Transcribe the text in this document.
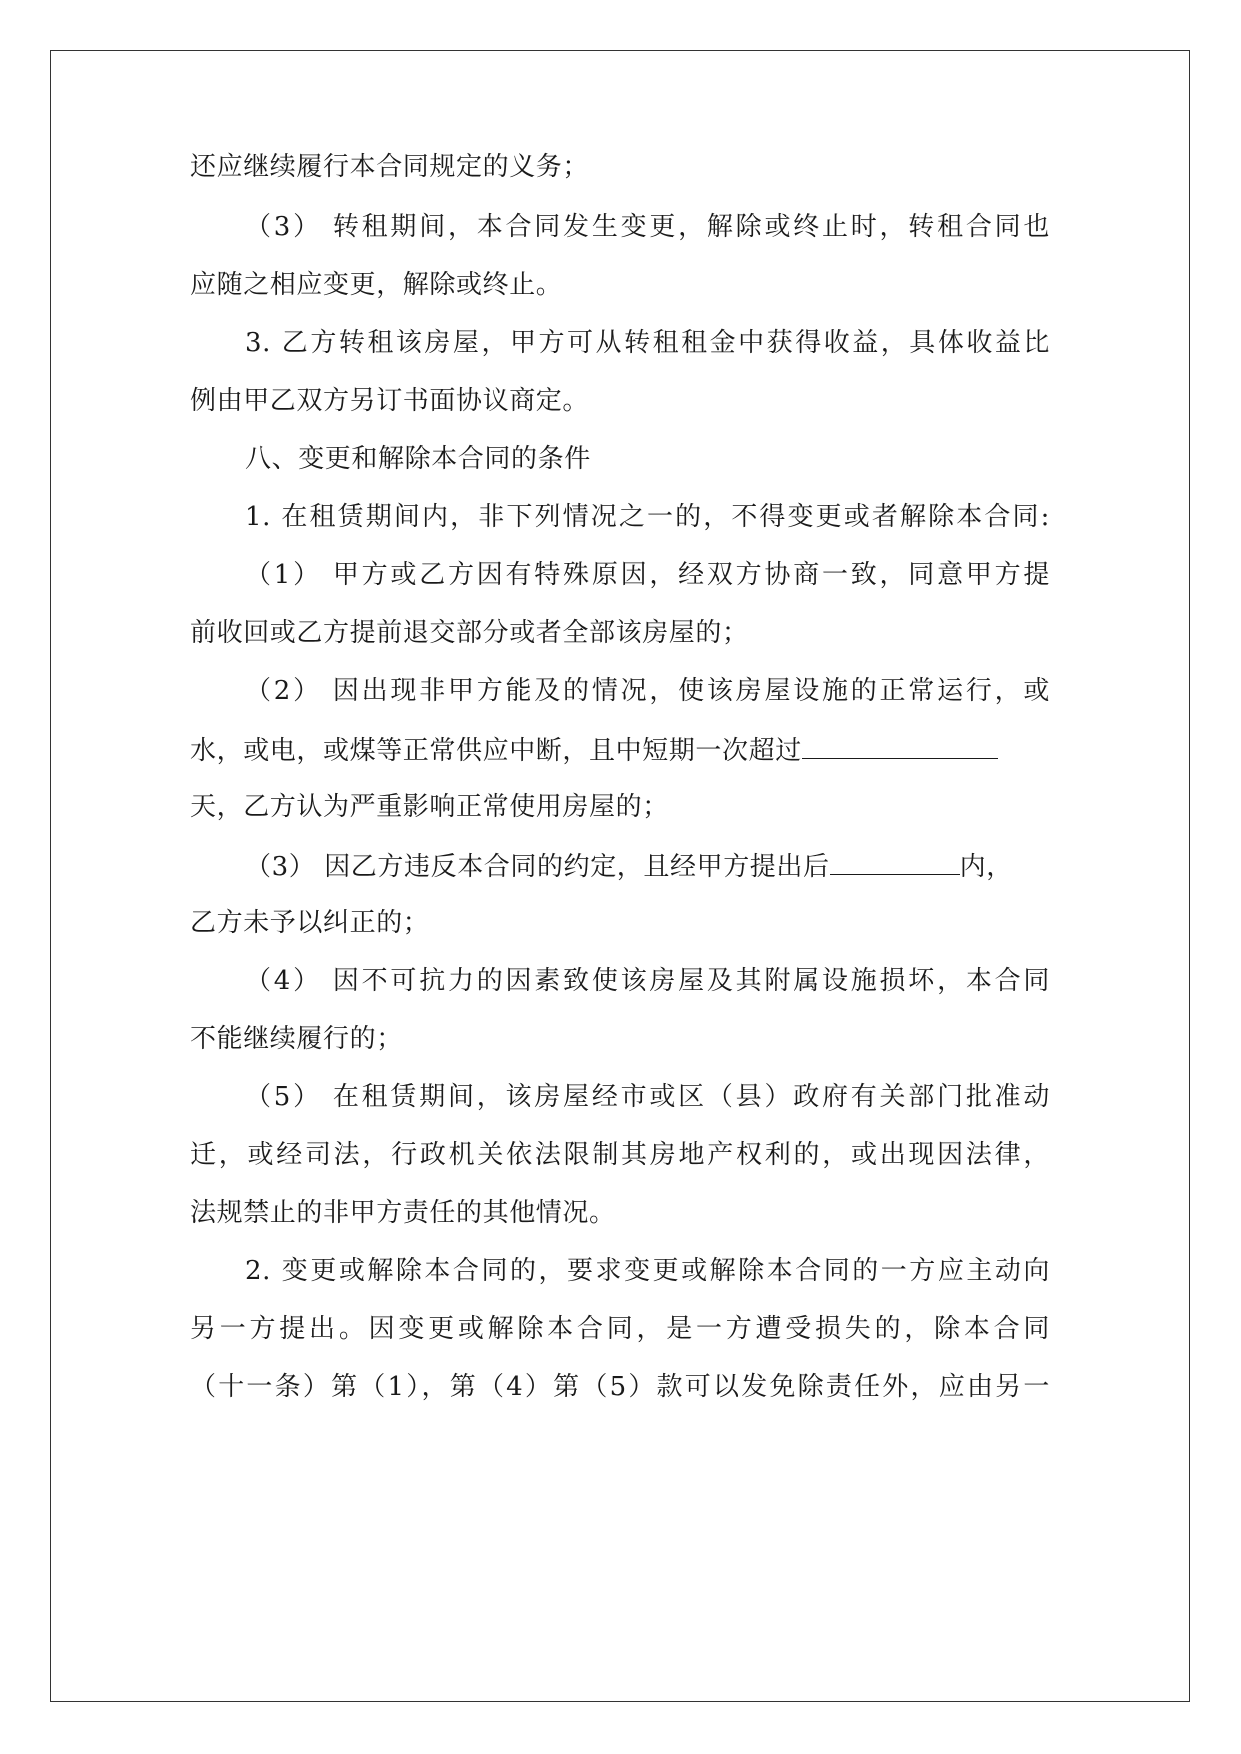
还应继续履行本合同规定的义务；
（3） 转租期间，本合同发生变更，解除或终止时，转租合同也
应随之相应变更，解除或终止。
3. 乙方转租该房屋，甲方可从转租租金中获得收益，具体收益比
例由甲乙双方另订书面协议商定。
八、变更和解除本合同的条件
1. 在租赁期间内，非下列情况之一的，不得变更或者解除本合同:
（1） 甲方或乙方因有特殊原因，经双方协商一致，同意甲方提
前收回或乙方提前退交部分或者全部该房屋的；
（2） 因出现非甲方能及的情况，使该房屋设施的正常运行，或
水，或电，或煤等正常供应中断，且中短期一次超过
天，乙方认为严重影响正常使用房屋的；
（3） 因乙方违反本合同的约定，且经甲方提出后	内，
乙方未予以纠正的；
（4） 因不可抗力的因素致使该房屋及其附属设施损坏，本合同
不能继续履行的；
（5） 在租赁期间，该房屋经市或区（县）政府有关部门批准动
迁，或经司法，行政机关依法限制其房地产权利的，或出现因法律，
法规禁止的非甲方责任的其他情况。
2. 变更或解除本合同的，要求变更或解除本合同的一方应主动向
另一方提出。因变更或解除本合同，是一方遭受损失的，除本合同
（十一条）第（1），第（4）第（5）款可以发免除责任外，应由另一
